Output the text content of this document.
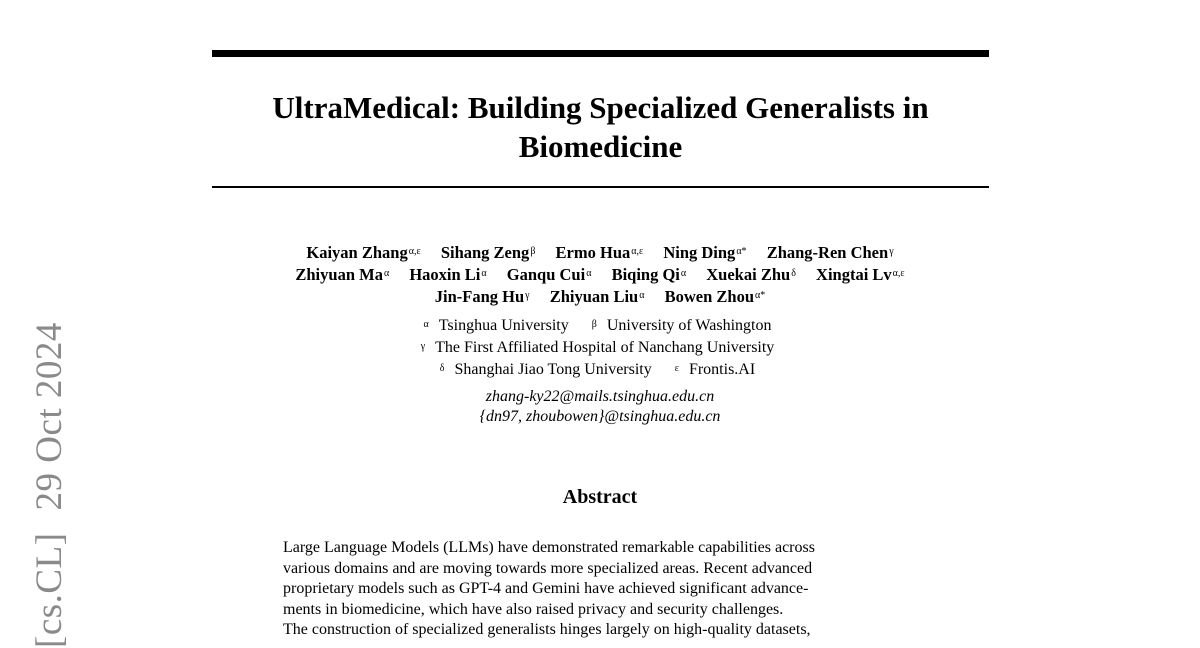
UltraMedical: Building Specialized Generalists in
Biomedicine
Kaiyan Zhang$^{\alpha,\varepsilon}$ Sihang Zeng$^\beta$ Ermo Hua$^{\alpha,\varepsilon}$ Ning Ding$^{\alpha*}$ Zhang-Ren Chen$^\gamma$
Zhiyuan $Ma^\alpha$ Haoxin $Li^\alpha$ Ganqu Cui$^\alpha$ Biqing $Qi^\alpha$ Xuekai Zhu$^\delta$ Xingtai $Lv^{\alpha,\varepsilon}$
Jin-Fang $Hu^\gamma$ Zhiyuan Liu$^\alpha$ Bowen Zhou$^{\alpha*}$
$^\alpha$ Tsinghua University $^\beta$ University of Washington
$^\gamma$ The First Affiliated Hospital of Nanchang University
$^\delta$ Shanghai Jiao Tong University $^\varepsilon$ Frontis.AI
zhang-ky22@mails.tsinghua.edu.cn
{dn97, zhoubowen}@tsinghua.edu.cn
Abstract
Large Language Models (LLMs) have demonstrated remarkable capabilities across
various domains and are moving towards more specialized areas. Recent advanced
proprietary models such as GPT-4 and Gemini have achieved significant advance-
ments in biomedicine, which have also raised privacy and security challenges.
The construction of specialized generalists hinges largely on high-quality datasets,
[cs.CL]29 Oct 2024
